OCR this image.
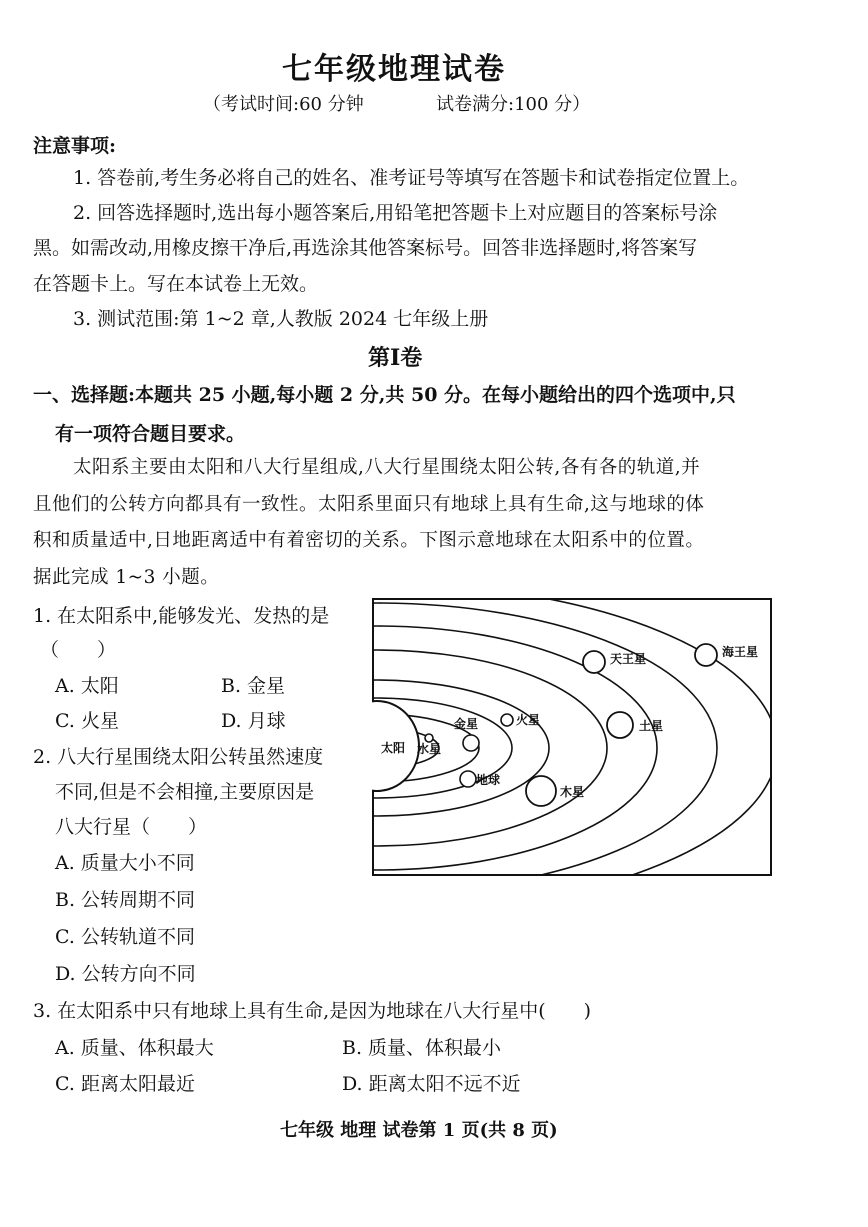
七年级地理试卷
（考试时间:60 分钟	试卷满分:100 分）
注意事项:
1. 答卷前,考生务必将自己的姓名、准考证号等填写在答题卡和试卷指定位置上。
2. 回答选择题时,选出每小题答案后,用铅笔把答题卡上对应题目的答案标号涂
黑。如需改动,用橡皮擦干净后,再选涂其他答案标号。回答非选择题时,将答案写
在答题卡上。写在本试卷上无效。
3. 测试范围:第 1~2 章,人教版 2024 七年级上册
第Ⅰ卷
一、选择题:本题共 25 小题,每小题 2 分,共 50 分。在每小题给出的四个选项中,只
有一项符合题目要求。
太阳系主要由太阳和八大行星组成,八大行星围绕太阳公转,各有各的轨道,并
且他们的公转方向都具有一致性。太阳系里面只有地球上具有生命,这与地球的体
积和质量适中,日地距离适中有着密切的关系。下图示意地球在太阳系中的位置。
据此完成 1~3 小题。
1. 在太阳系中,能够发光、发热的是
（　　）
A. 太阳	B. 金星
C. 火星	D. 月球
2. 八大行星围绕太阳公转虽然速度
不同,但是不会相撞,主要原因是
八大行星（　　）
A. 质量大小不同
B. 公转周期不同
C. 公转轨道不同
D. 公转方向不同
太阳 水星
金星
地球
火星
木星
土星
天王星	海王星
3. 在太阳系中只有地球上具有生命,是因为地球在八大行星中(　　)
A. 质量、体积最大	B. 质量、体积最小
C. 距离太阳最近	D. 距离太阳不远不近
七年级 地理 试卷第 1 页(共 8 页)
